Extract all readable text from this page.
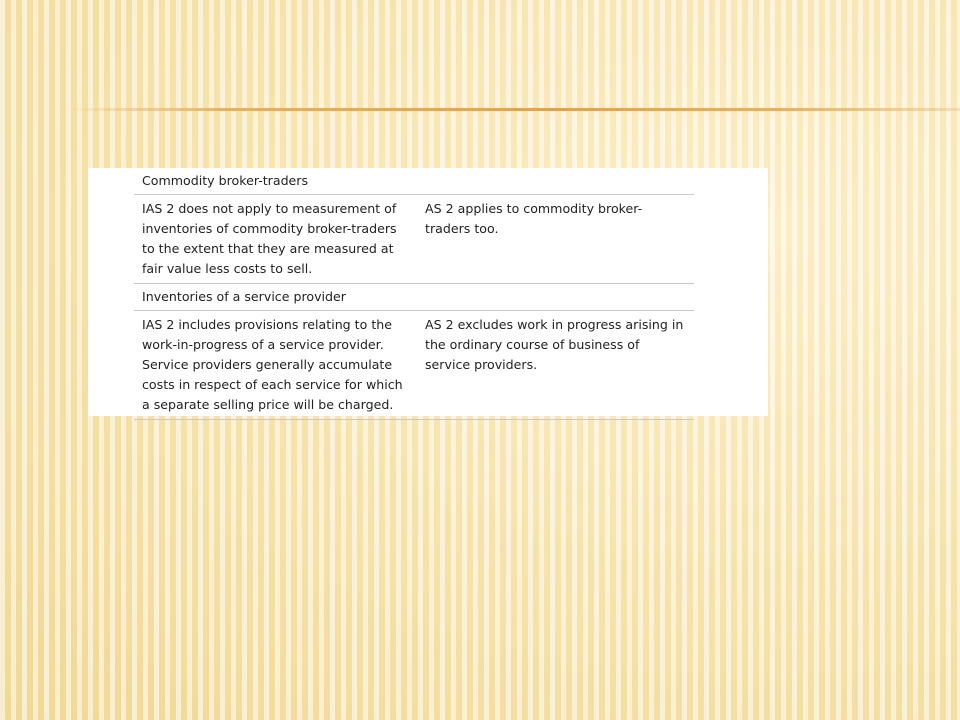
Commodity broker-traders	
IAS 2 does not apply to measurement of inventories of commodity broker-traders to the extent that they are measured at fair value less costs to sell.	AS 2 applies to commodity broker-traders too.
Inventories of a service provider	
IAS 2 includes provisions relating to the work-in-progress of a service provider. Service providers generally accumulate costs in respect of each service for which a separate selling price will be charged.	AS 2 excludes work in progress arising in the ordinary course of business of service providers.
